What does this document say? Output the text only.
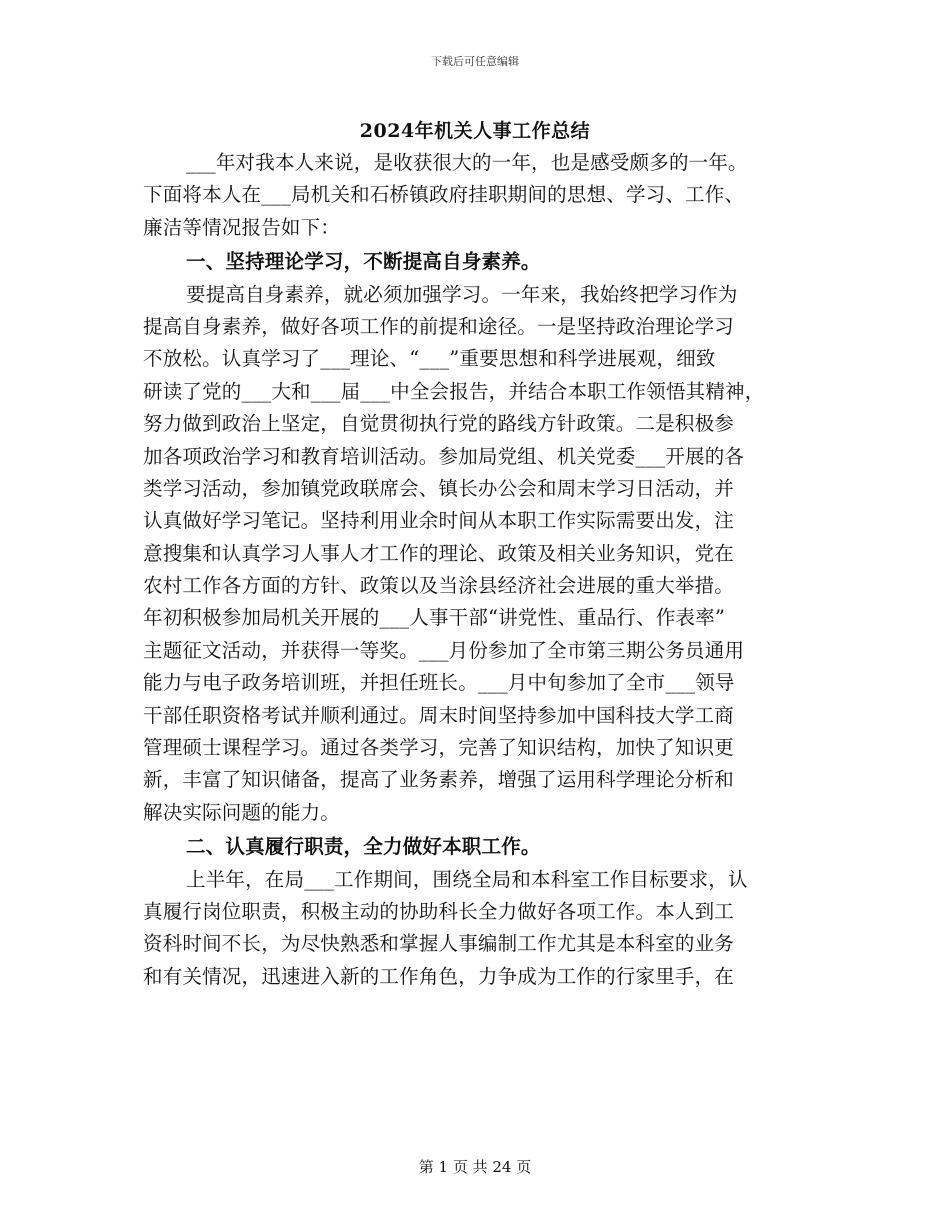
下载后可任意编辑
2024年机关人事工作总结
___年对我本人来说，是收获很大的一年，也是感受颇多的一年。
下面将本人在___局机关和石桥镇政府挂职期间的思想、学习、工作、
廉洁等情况报告如下：
一、坚持理论学习，不断提高自身素养。
要提高自身素养，就必须加强学习。一年来，我始终把学习作为
提高自身素养，做好各项工作的前提和途径。一是坚持政治理论学习
不放松。认真学习了___理论、“___”重要思想和科学进展观，细致
研读了党的___大和___届___中全会报告，并结合本职工作领悟其精神，
努力做到政治上坚定，自觉贯彻执行党的路线方针政策。二是积极参
加各项政治学习和教育培训活动。参加局党组、机关党委___开展的各
类学习活动，参加镇党政联席会、镇长办公会和周末学习日活动，并
认真做好学习笔记。坚持利用业余时间从本职工作实际需要出发，注
意搜集和认真学习人事人才工作的理论、政策及相关业务知识，党在
农村工作各方面的方针、政策以及当涂县经济社会进展的重大举措。
年初积极参加局机关开展的___人事干部“讲党性、重品行、作表率”
主题征文活动，并获得一等奖。___月份参加了全市第三期公务员通用
能力与电子政务培训班，并担任班长。___月中旬参加了全市___领导
干部任职资格考试并顺利通过。周末时间坚持参加中国科技大学工商
管理硕士课程学习。通过各类学习，完善了知识结构，加快了知识更
新，丰富了知识储备，提高了业务素养，增强了运用科学理论分析和
解决实际问题的能力。
二、认真履行职责，全力做好本职工作。
上半年，在局___工作期间，围绕全局和本科室工作目标要求，认
真履行岗位职责，积极主动的协助科长全力做好各项工作。本人到工
资科时间不长，为尽快熟悉和掌握人事编制工作尤其是本科室的业务
和有关情况，迅速进入新的工作角色，力争成为工作的行家里手，在
第 1 页 共 24 页
